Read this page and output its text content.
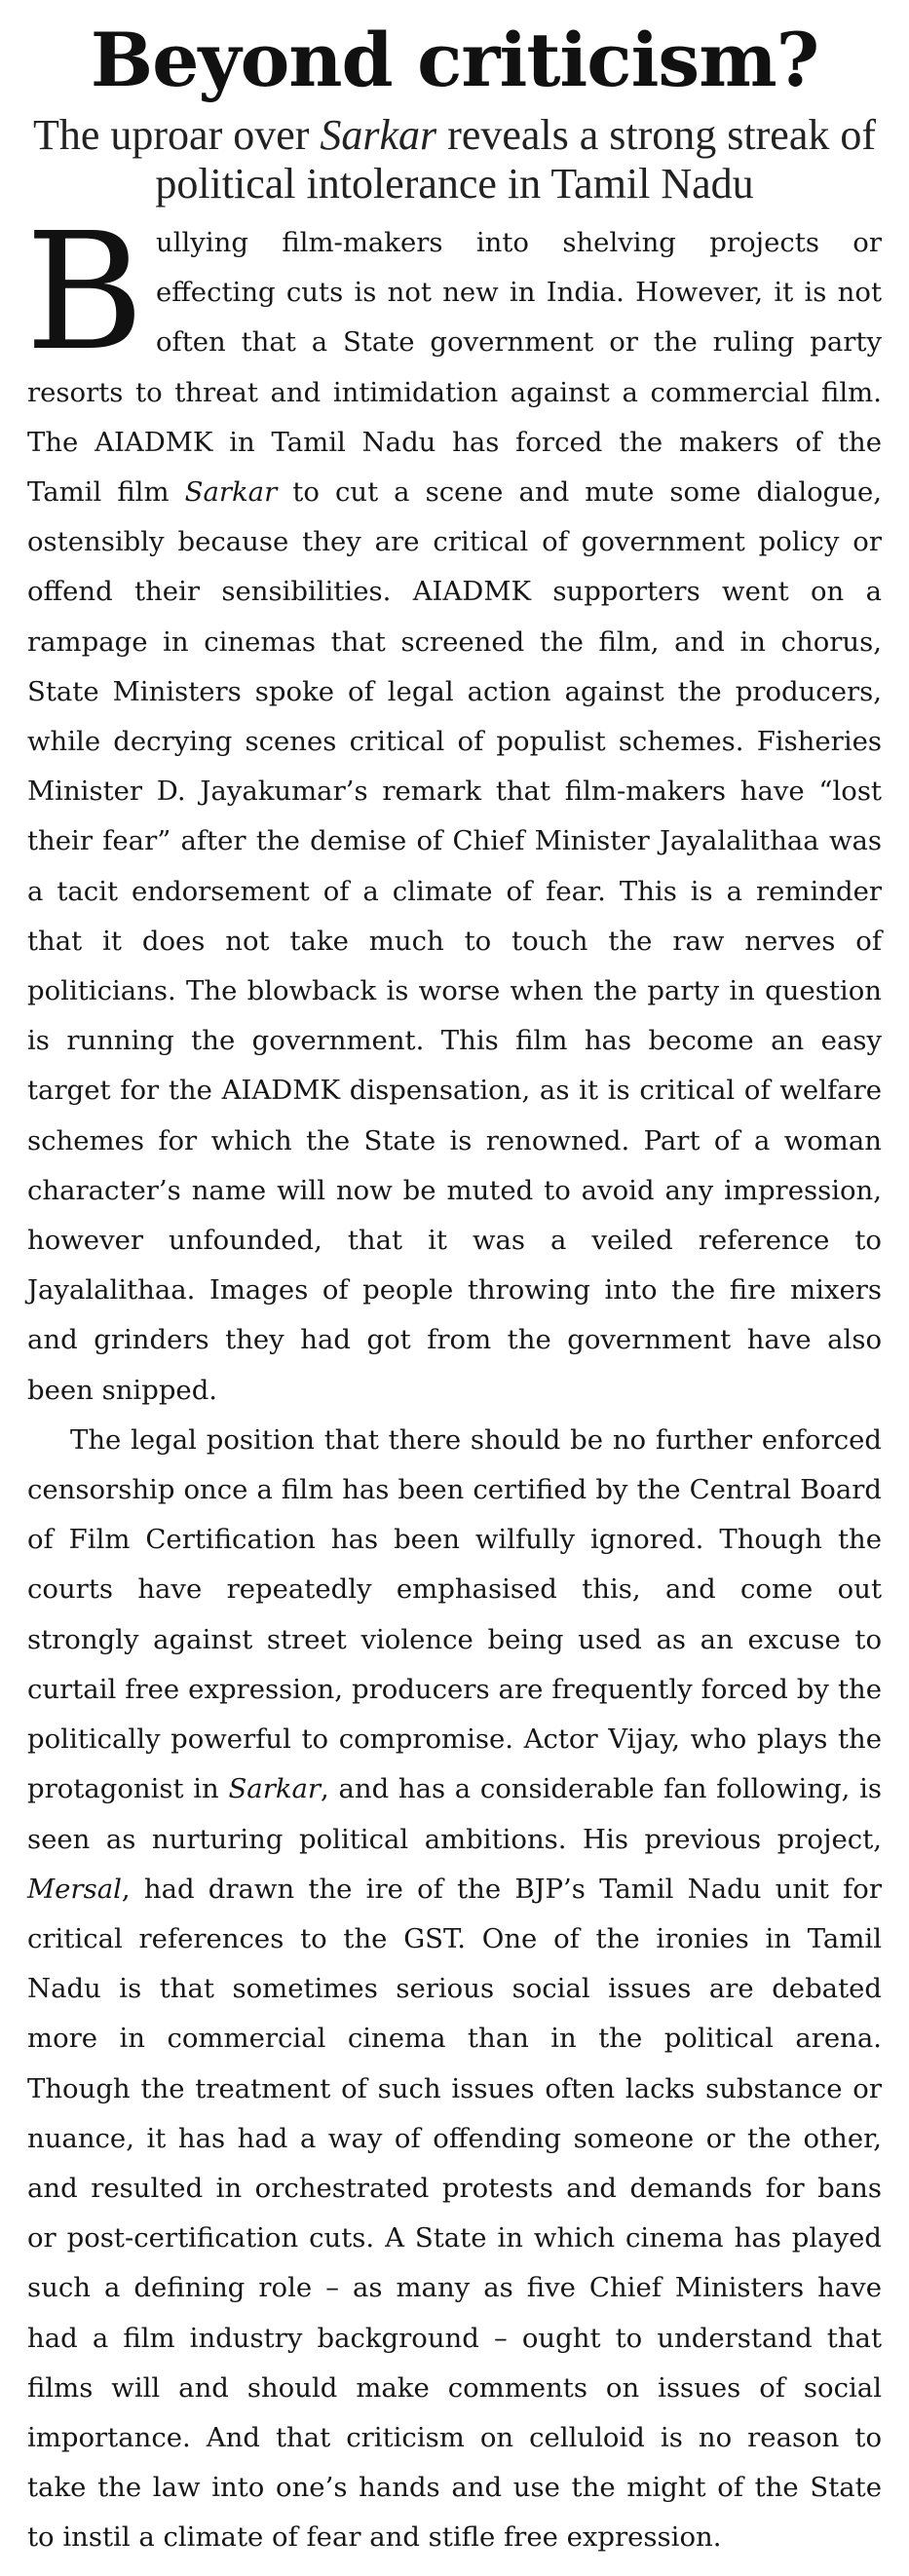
Beyond criticism?
The uproar over Sarkar reveals a strong streak of political intolerance in Tamil Nadu

Bullying film-makers into shelving projects or effecting cuts is not new in India. However, it is not often that a State government or the ruling party resorts to threat and intimidation against a commercial film. The AIADMK in Tamil Nadu has forced the makers of the Tamil film Sarkar to cut a scene and mute some dialogue, ostensibly because they are critical of government policy or offend their sensibilities. AIADMK supporters went on a rampage in cinemas that screened the film, and in chorus, State Ministers spoke of legal action against the producers, while decrying scenes critical of populist schemes. Fisheries Minister D. Jayakumar’s remark that film-makers have “lost their fear” after the demise of Chief Minister Jayalalithaa was a tacit endorsement of a climate of fear. This is a reminder that it does not take much to touch the raw nerves of politicians. The blowback is worse when the party in question is running the government. This film has become an easy target for the AIADMK dispensation, as it is critical of welfare schemes for which the State is renowned. Part of a woman character’s name will now be muted to avoid any impression, however unfounded, that it was a veiled reference to Jayalalithaa. Images of people throwing into the fire mixers and grinders they had got from the government have also been snipped.

The legal position that there should be no further enforced censorship once a film has been certified by the Central Board of Film Certification has been wilfully ignored. Though the courts have repeatedly emphasised this, and come out strongly against street violence being used as an excuse to curtail free expression, producers are frequently forced by the politically powerful to compromise. Actor Vijay, who plays the protagonist in Sarkar, and has a considerable fan following, is seen as nurturing political ambitions. His previous project, Mersal, had drawn the ire of the BJP’s Tamil Nadu unit for critical references to the GST. One of the ironies in Tamil Nadu is that sometimes serious social issues are debated more in commercial cinema than in the political arena. Though the treatment of such issues often lacks substance or nuance, it has had a way of offending someone or the other, and resulted in orchestrated protests and demands for bans or post-certification cuts. A State in which cinema has played such a defining role – as many as five Chief Ministers have had a film industry background – ought to understand that films will and should make comments on issues of social importance. And that criticism on celluloid is no reason to take the law into one’s hands and use the might of the State to instil a climate of fear and stifle free expression.
